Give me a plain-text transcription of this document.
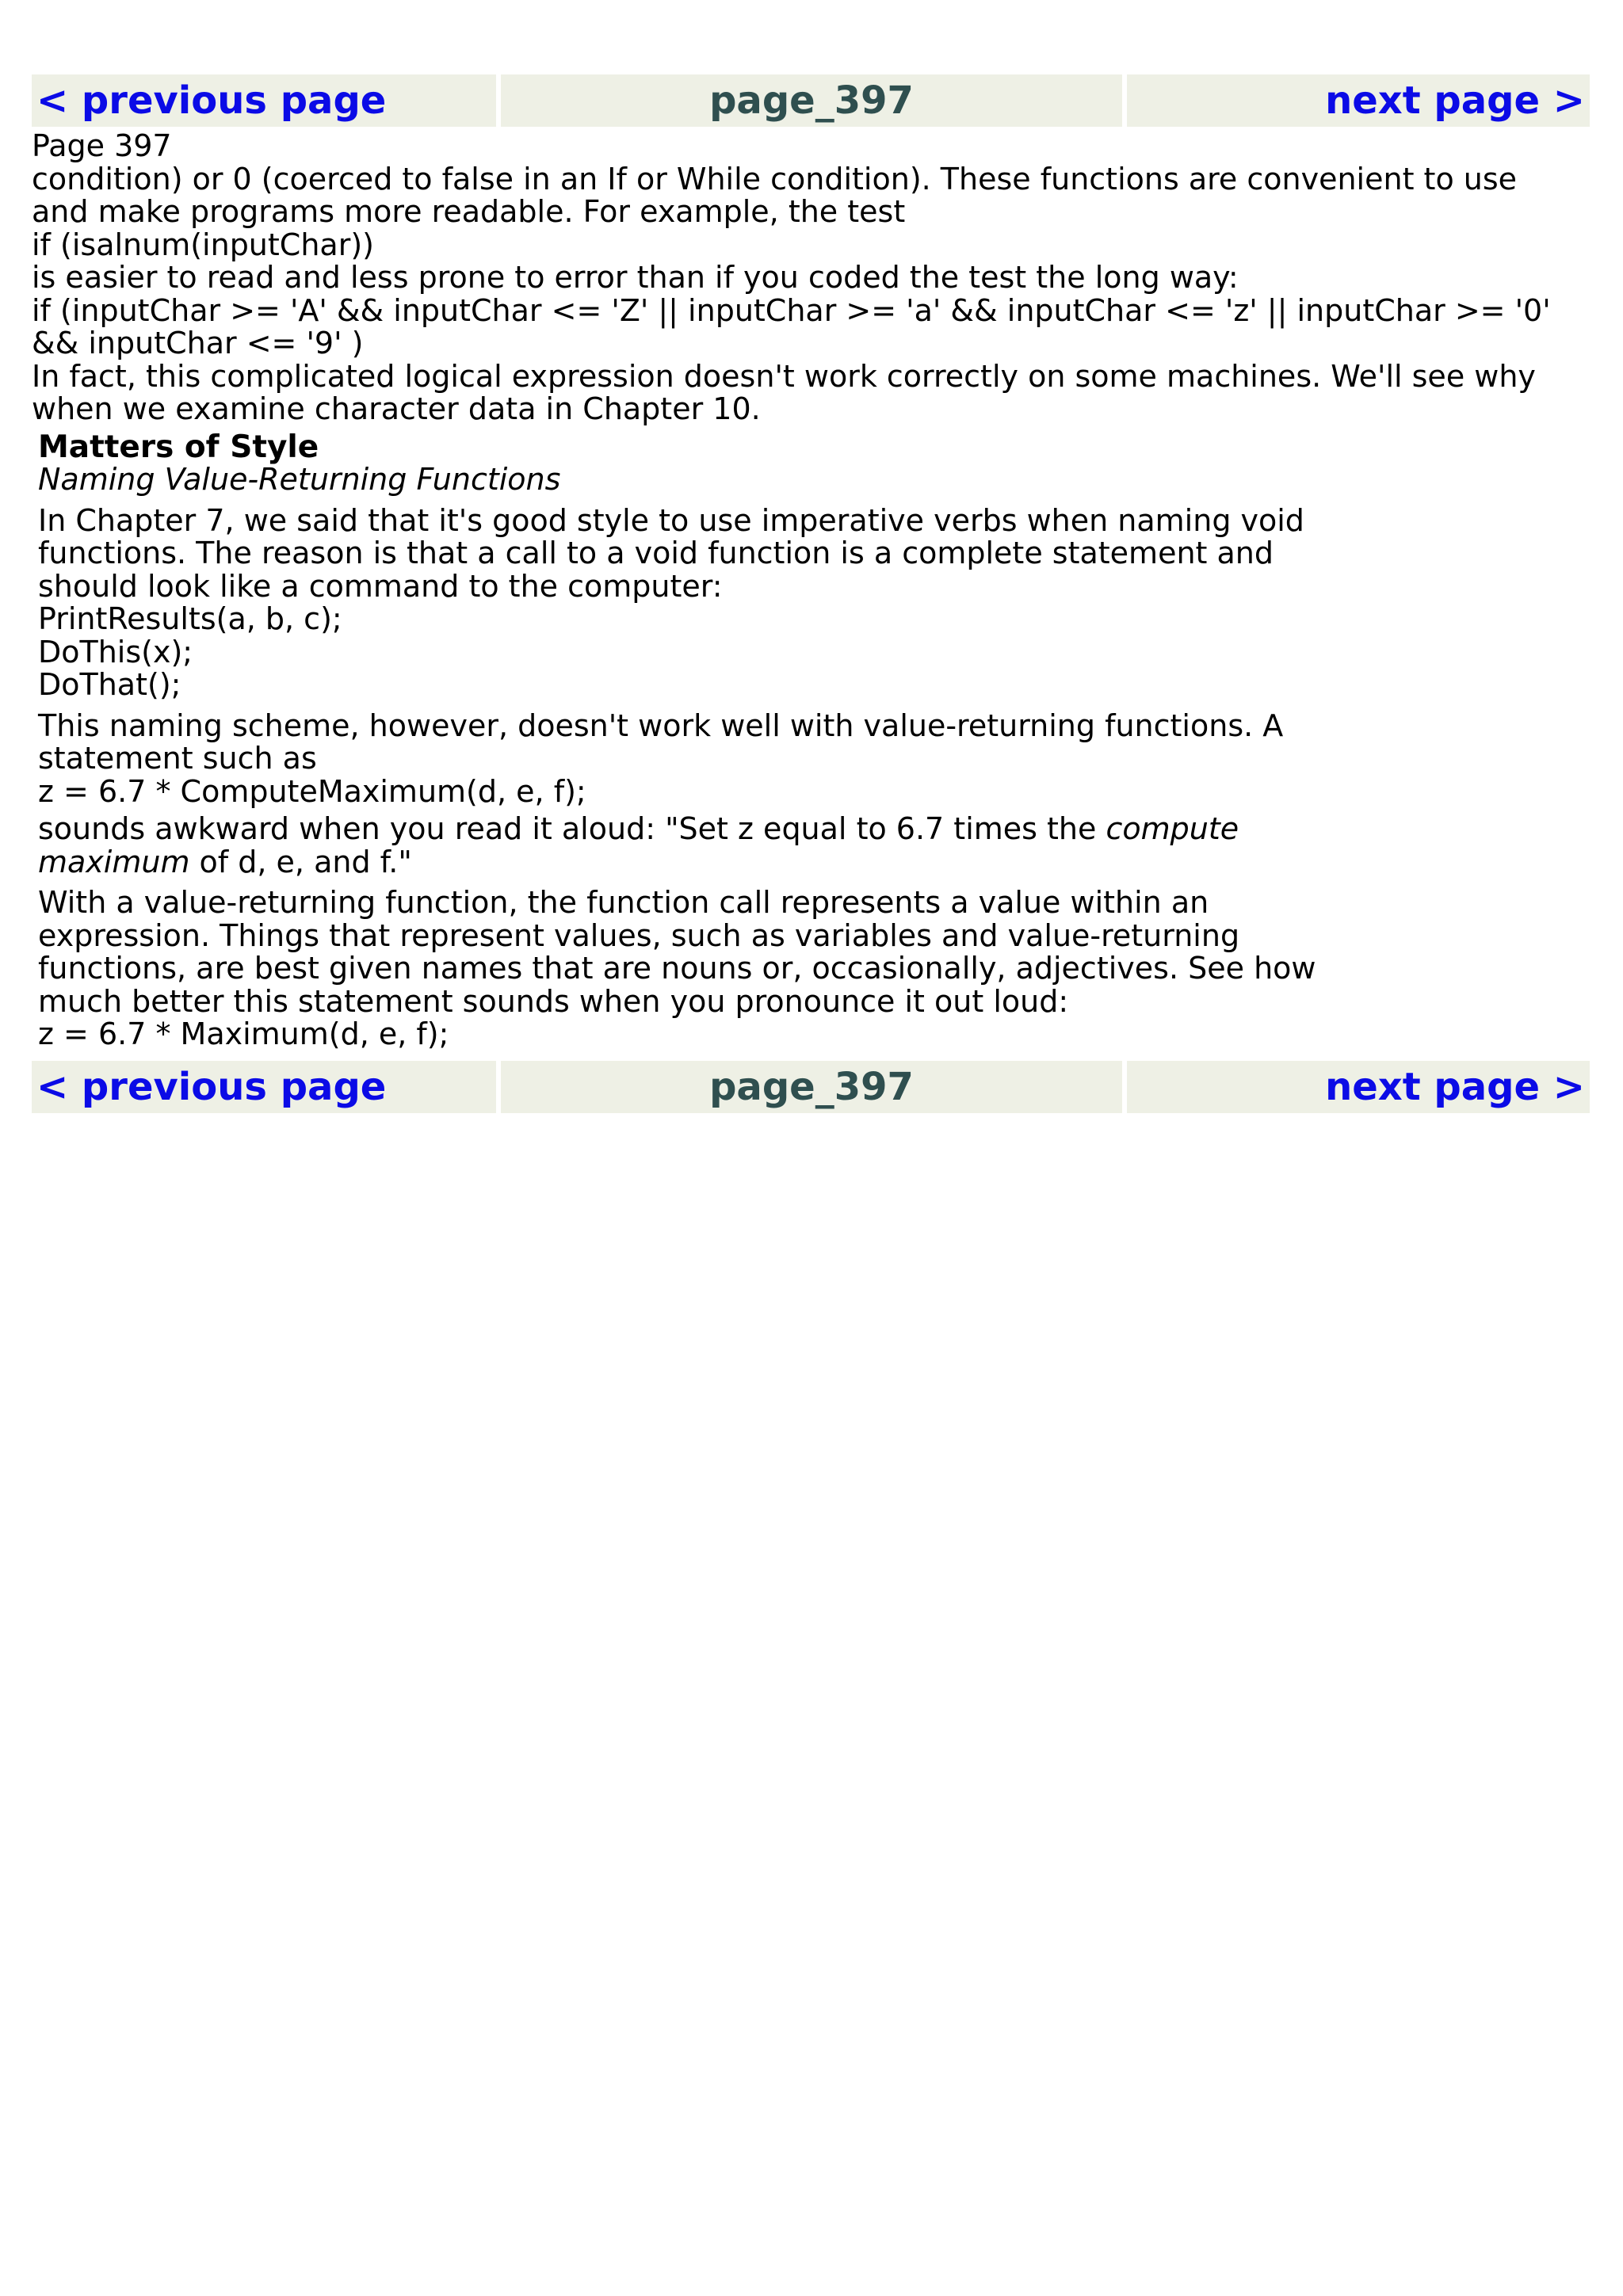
< previous page	page_397	next page >

Page 397

condition) or 0 (coerced to false in an If or While condition). These functions are convenient to use and make programs more readable. For example, the test

if (isalnum(inputChar))

is easier to read and less prone to error than if you coded the test the long way:

if (inputChar >= 'A' && inputChar <= 'Z' || inputChar >= 'a' && inputChar <= 'z' || inputChar >= '0' && inputChar <= '9' )

In fact, this complicated logical expression doesn't work correctly on some machines. We'll see why when we examine character data in Chapter 10.

Matters of Style

Naming Value-Returning Functions

In Chapter 7, we said that it's good style to use imperative verbs when naming void functions. The reason is that a call to a void function is a complete statement and should look like a command to the computer:

PrintResults(a, b, c);

DoThis(x);

DoThat();

This naming scheme, however, doesn't work well with value-returning functions. A statement such as

z = 6.7 * ComputeMaximum(d, e, f);

sounds awkward when you read it aloud: "Set z equal to 6.7 times the compute maximum of d, e, and f."

With a value-returning function, the function call represents a value within an expression. Things that represent values, such as variables and value-returning functions, are best given names that are nouns or, occasionally, adjectives. See how much better this statement sounds when you pronounce it out loud:

z = 6.7 * Maximum(d, e, f);

< previous page	page_397	next page >
